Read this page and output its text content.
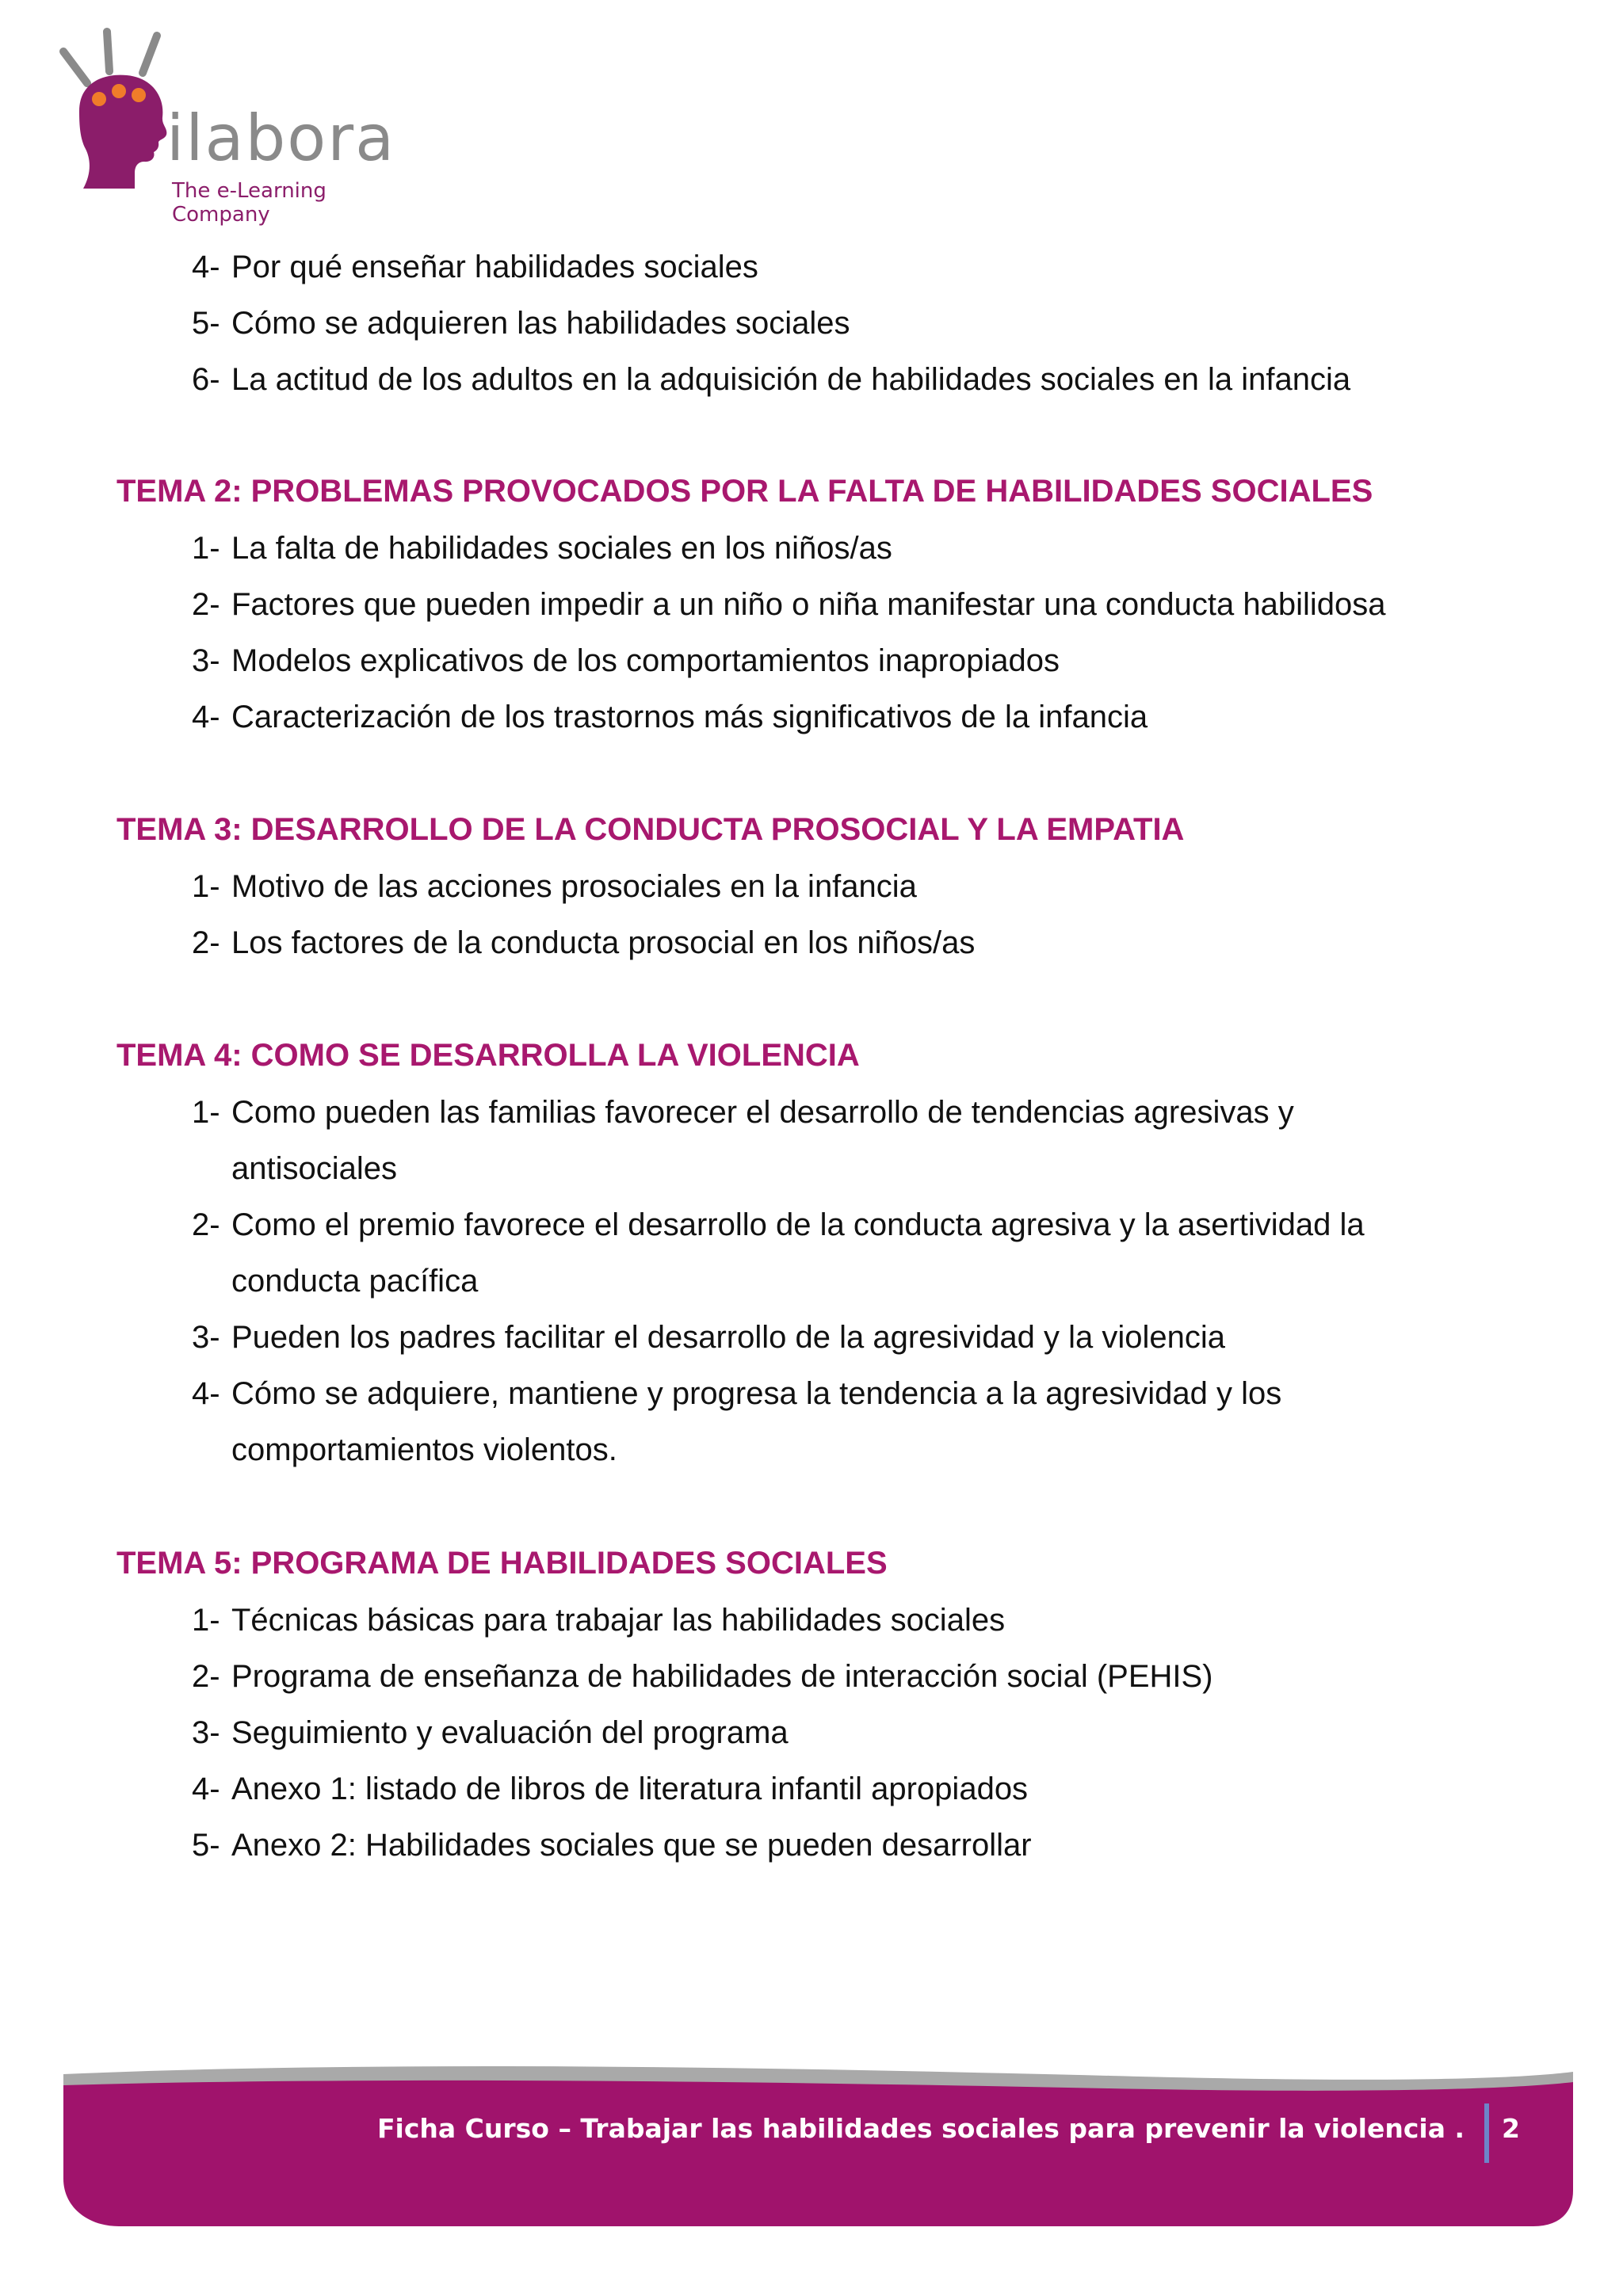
ilabora
The e-Learning Company
4- Por qué enseñar habilidades sociales
5- Cómo se adquieren las habilidades sociales
6- La actitud de los adultos en la adquisición de habilidades sociales en la infancia
TEMA 2: PROBLEMAS PROVOCADOS POR LA FALTA DE HABILIDADES SOCIALES
1- La falta de habilidades sociales en los niños/as
2- Factores que pueden impedir a un niño o niña manifestar una conducta habilidosa
3- Modelos explicativos de los comportamientos inapropiados
4- Caracterización de los trastornos más significativos de la infancia
TEMA 3: DESARROLLO DE LA CONDUCTA PROSOCIAL Y LA EMPATIA
1- Motivo de las acciones prosociales en la infancia
2- Los factores de la conducta prosocial en los niños/as
TEMA 4: COMO SE DESARROLLA LA VIOLENCIA
1- Como pueden las familias favorecer el desarrollo de tendencias agresivas y antisociales
2- Como el premio favorece el desarrollo de la conducta agresiva y la asertividad la conducta pacífica
3- Pueden los padres facilitar el desarrollo de la agresividad y la violencia
4- Cómo se adquiere, mantiene y progresa la tendencia a la agresividad y los comportamientos violentos.
TEMA 5: PROGRAMA DE HABILIDADES SOCIALES
1- Técnicas básicas para trabajar las habilidades sociales
2- Programa de enseñanza de habilidades de interacción social (PEHIS)
3- Seguimiento y evaluación del programa
4- Anexo 1: listado de libros de literatura infantil apropiados
5- Anexo 2: Habilidades sociales que se pueden desarrollar
Ficha Curso – Trabajar las habilidades sociales para prevenir la violencia . 2
